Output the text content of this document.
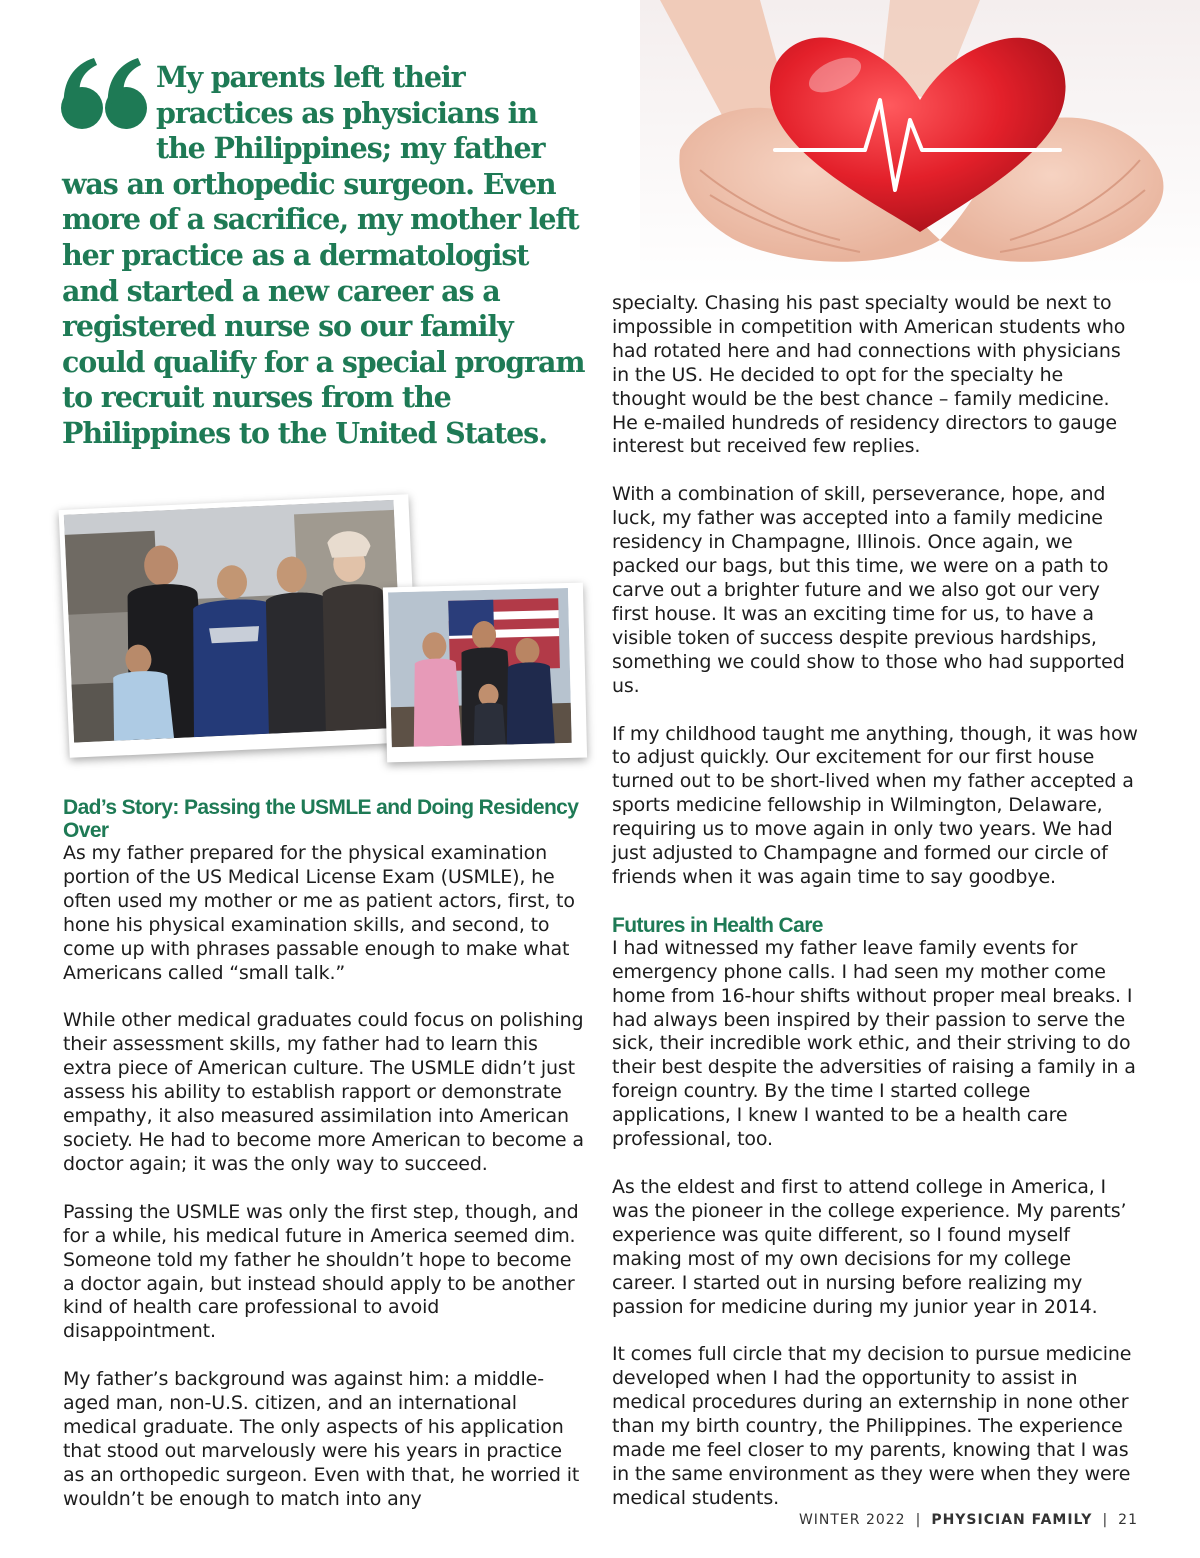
My parents left their practices as physicians in the Philippines; my father was an orthopedic surgeon. Even more of a sacrifice, my mother left her practice as a dermatologist and started a new career as a registered nurse so our family could qualify for a special program to recruit nurses from the Philippines to the United States.
Dad’s Story: Passing the USMLE and Doing Residency Over

As my father prepared for the physical examination portion of the US Medical License Exam (USMLE), he often used my mother or me as patient actors, first, to hone his physical examination skills, and second, to come up with phrases passable enough to make what Americans called “small talk.”

While other medical graduates could focus on polishing their assessment skills, my father had to learn this extra piece of American culture. The USMLE didn’t just assess his ability to establish rapport or demonstrate empathy, it also measured assimilation into American society. He had to become more American to become a doctor again; it was the only way to succeed.

Passing the USMLE was only the first step, though, and for a while, his medical future in America seemed dim. Someone told my father he shouldn’t hope to become a doctor again, but instead should apply to be another kind of health care professional to avoid disappointment.

My father’s background was against him: a middle-aged man, non-U.S. citizen, and an international medical graduate. The only aspects of his application that stood out marvelously were his years in practice as an orthopedic surgeon. Even with that, he worried it wouldn’t be enough to match into any

specialty. Chasing his past specialty would be next to impossible in competition with American students who had rotated here and had connections with physicians in the US. He decided to opt for the specialty he thought would be the best chance – family medicine. He e-mailed hundreds of residency directors to gauge interest but received few replies.

With a combination of skill, perseverance, hope, and luck, my father was accepted into a family medicine residency in Champagne, Illinois. Once again, we packed our bags, but this time, we were on a path to carve out a brighter future and we also got our very first house. It was an exciting time for us, to have a visible token of success despite previous hardships, something we could show to those who had supported us.

If my childhood taught me anything, though, it was how to adjust quickly. Our excitement for our first house turned out to be short-lived when my father accepted a sports medicine fellowship in Wilmington, Delaware, requiring us to move again in only two years. We had just adjusted to Champagne and formed our circle of friends when it was again time to say goodbye.

Futures in Health Care

I had witnessed my father leave family events for emergency phone calls. I had seen my mother come home from 16-hour shifts without proper meal breaks. I had always been inspired by their passion to serve the sick, their incredible work ethic, and their striving to do their best despite the adversities of raising a family in a foreign country. By the time I started college applications, I knew I wanted to be a health care professional, too.

As the eldest and first to attend college in America, I was the pioneer in the college experience. My parents’ experience was quite different, so I found myself making most of my own decisions for my college career. I started out in nursing before realizing my passion for medicine during my junior year in 2014.

It comes full circle that my decision to pursue medicine developed when I had the opportunity to assist in medical procedures during an externship in none other than my birth country, the Philippines. The experience made me feel closer to my parents, knowing that I was in the same environment as they were when they were medical students.

WINTER 2022 | PHYSICIAN FAMILY | 21
